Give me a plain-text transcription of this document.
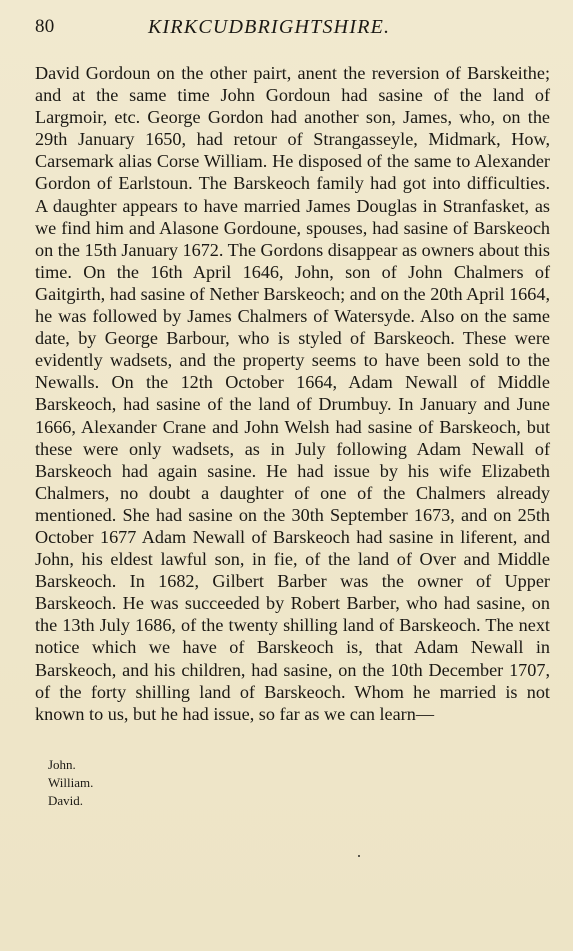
80	KIRKCUDBRIGHTSHIRE.

David Gordoun on the other pairt, anent the reversion of Barskeithe; and at the same time John Gordoun had sasine of the land of Largmoir, etc. George Gordon had another son, James, who, on the 29th January 1650, had retour of Strangasseyle, Midmark, How, Carsemark alias Corse William. He disposed of the same to Alexander Gordon of Earlstoun. The Barskeoch family had got into difficulties. A daughter appears to have married James Douglas in Stranfasket, as we find him and Alasone Gordoune, spouses, had sasine of Barskeoch on the 15th January 1672. The Gordons disappear as owners about this time. On the 16th April 1646, John, son of John Chalmers of Gaitgirth, had sasine of Nether Barskeoch; and on the 20th April 1664, he was followed by James Chalmers of Watersyde. Also on the same date, by George Barbour, who is styled of Barskeoch. These were evidently wadsets, and the property seems to have been sold to the Newalls. On the 12th October 1664, Adam Newall of Middle Barskeoch, had sasine of the land of Drumbuy. In January and June 1666, Alexander Crane and John Welsh had sasine of Barskeoch, but these were only wadsets, as in July following Adam Newall of Barskeoch had again sasine. He had issue by his wife Elizabeth Chalmers, no doubt a daughter of one of the Chalmers already mentioned. She had sasine on the 30th September 1673, and on 25th October 1677 Adam Newall of Barskeoch had sasine in liferent, and John, his eldest lawful son, in fie, of the land of Over and Middle Barskeoch. In 1682, Gilbert Barber was the owner of Upper Barskeoch. He was succeeded by Robert Barber, who had sasine, on the 13th July 1686, of the twenty shilling land of Barskeoch. The next notice which we have of Barskeoch is, that Adam Newall in Barskeoch, and his children, had sasine, on the 10th December 1707, of the forty shilling land of Barskeoch. Whom he married is not known to us, but he had issue, so far as we can learn—

John.
William.
David.
